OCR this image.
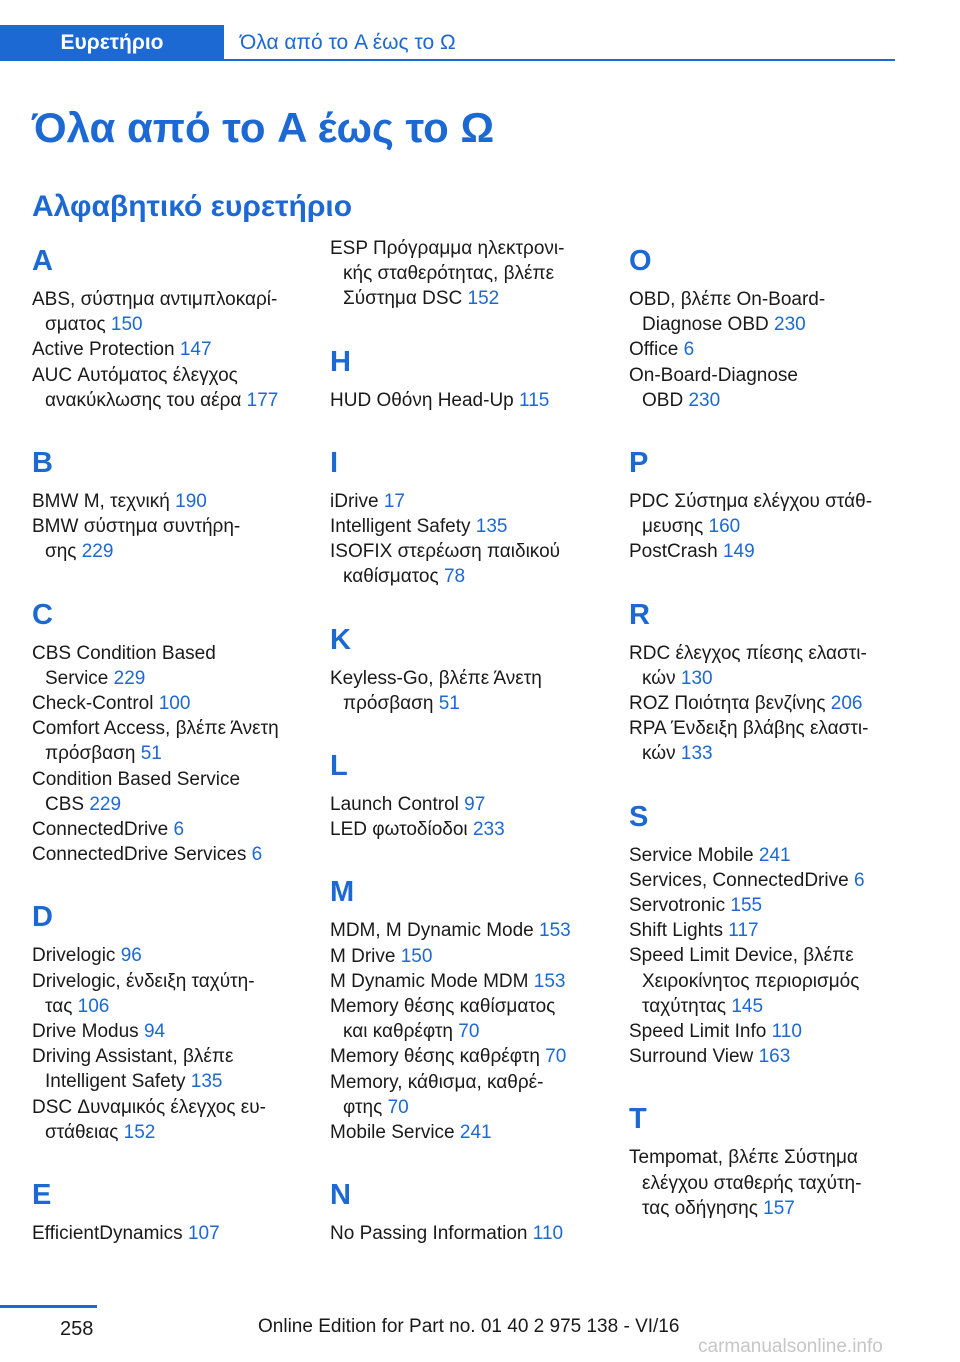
Ευρετήριο	Όλα από το A έως το Ω
Όλα από το A έως το Ω
Αλφαβητικό ευρετήριο
A

ABS, σύστημα αντιμπλοκαρί-
σματος 150

Active Protection 147

AUC Αυτόματος έλεγχος
ανακύκλωσης του αέρα 177

B

BMW M, τεχνική 190

BMW σύστημα συντήρη-
σης 229

C

CBS Condition Based
Service 229

Check-Control 100

Comfort Access, βλέπε Άνετη
πρόσβαση 51

Condition Based Service
CBS 229

ConnectedDrive 6

ConnectedDrive Services 6

D

Drivelogic 96

Drivelogic, ένδειξη ταχύτη-
τας 106

Drive Modus 94

Driving Assistant, βλέπε
Intelligent Safety 135

DSC Δυναμικός έλεγχος ευ-
στάθειας 152

E

EfficientDynamics 107

ESP Πρόγραμμα ηλεκτρονι-
κής σταθερότητας, βλέπε
Σύστημα DSC 152

H

HUD Οθόνη Head-Up 115

I

iDrive 17

Intelligent Safety 135

ISOFIX στερέωση παιδικού
καθίσματος 78

K

Keyless-Go, βλέπε Άνετη
πρόσβαση 51

L

Launch Control 97

LED φωτοδίοδοι 233

M

MDM, M Dynamic Mode 153

M Drive 150

M Dynamic Mode MDM 153

Memory θέσης καθίσματος
και καθρέφτη 70

Memory θέσης καθρέφτη 70

Memory, κάθισμα, καθρέ-
φτης 70

Mobile Service 241

N

No Passing Information 110

O

OBD, βλέπε On-Board-
Diagnose OBD 230

Office 6

On-Board-Diagnose
OBD 230

P

PDC Σύστημα ελέγχου στάθ-
μευσης 160

PostCrash 149

R

RDC έλεγχος πίεσης ελαστι-
κών 130

ROZ Ποιότητα βενζίνης 206

RPA Ένδειξη βλάβης ελαστι-
κών 133

S

Service Mobile 241

Services, ConnectedDrive 6

Servotronic 155

Shift Lights 117

Speed Limit Device, βλέπε
Χειροκίνητος περιορισμός
ταχύτητας 145

Speed Limit Info 110

Surround View 163

T

Tempomat, βλέπε Σύστημα
ελέγχου σταθερής ταχύτη-
τας οδήγησης 157

258	Online Edition for Part no. 01 40 2 975 138 - VI/16
carmanualsonline.info
